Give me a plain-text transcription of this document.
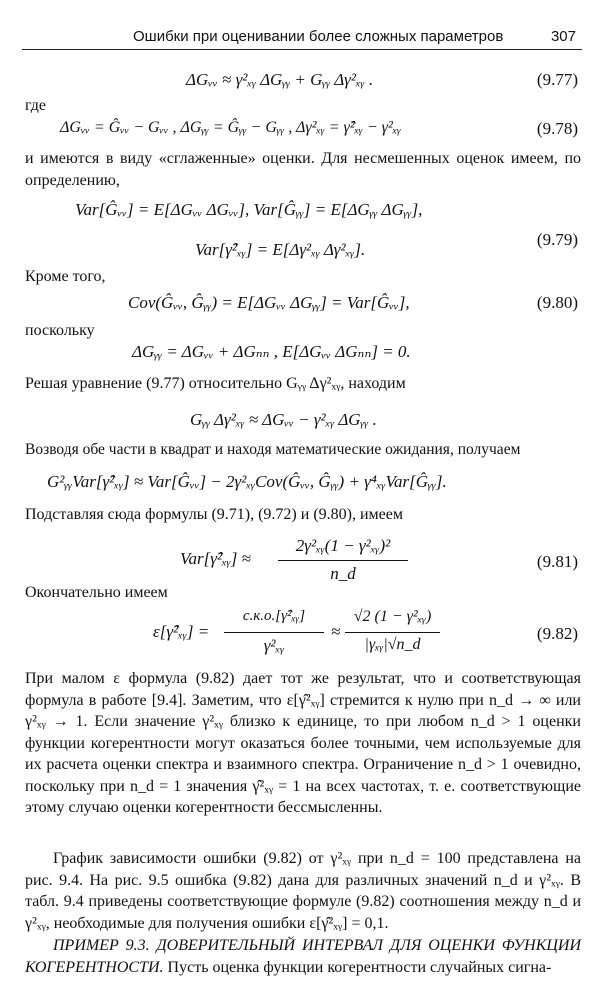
Ошибки при оценивании более сложных параметров	307
ΔGᵥᵥ ≈ γ²ₓᵧ ΔGᵧᵧ + Gᵧᵧ Δγ²ₓᵧ .	(9.77)
где
ΔGᵥᵥ = Ĝᵥᵥ − Gᵥᵥ , ΔGᵧᵧ = Ĝᵧᵧ − Gᵧᵧ , Δγ²ₓᵧ = γ̂²ₓᵧ − γ²ₓᵧ	(9.78)
и имеются в виду «сглаженные» оценки. Для несмешенных оценок имеем, по определению,
Var[Ĝᵥᵥ] = E[ΔGᵥᵥ ΔGᵥᵥ], Var[Ĝᵧᵧ] = E[ΔGᵧᵧ ΔGᵧᵧ],
Var[γ̂²ₓᵧ] = E[Δγ²ₓᵧ Δγ²ₓᵧ].
(9.79)
Кроме того,
Cov(Ĝᵥᵥ, Ĝᵧᵧ) = E[ΔGᵥᵥ ΔGᵧᵧ] = Var[Ĝᵥᵥ],	(9.80)
поскольку
ΔGᵧᵧ = ΔGᵥᵥ + ΔGₙₙ , E[ΔGᵥᵥ ΔGₙₙ] = 0.
Решая уравнение (9.77) относительно Gᵧᵧ Δγ²ₓᵧ, находим
Gᵧᵧ Δγ²ₓᵧ ≈ ΔGᵥᵥ − γ²ₓᵧ ΔGᵧᵧ .
Возводя обе части в квадрат и находя математические ожидания, получаем
G²ᵧᵧVar[γ̂²ₓᵧ] ≈ Var[Ĝᵥᵥ] − 2γ²ₓᵧCov(Ĝᵥᵥ, Ĝᵧᵧ) + γ⁴ₓᵧVar[Ĝᵧᵧ].
Подставляя сюда формулы (9.71), (9.72) и (9.80), имеем
Var[γ̂²ₓᵧ] ≈
2γ²ₓᵧ(1 − γ²ₓᵧ)²
n_d
(9.81)
Окончательно имеем
ε[γ̂²ₓᵧ] =
с.к.о.[γ̂²ₓᵧ]
γ²ₓᵧ
≈
√2 (1 − γ²ₓᵧ)
|γₓᵧ|√n_d
(9.82)
При малом ε формула (9.82) дает тот же результат, что и соответствующая формула в работе [9.4]. Заметим, что ε[γ̂²ₓᵧ] стремится к нулю при n_d → ∞ или γ²ₓᵧ → 1. Если значение γ²ₓᵧ близко к единице, то при любом n_d > 1 оценки функции когерентности могут оказаться более точными, чем используемые для их расчета оценки спектра и взаимного спектра. Ограничение n_d > 1 очевидно, поскольку при n_d = 1 значения γ̂²ₓᵧ = 1 на всех частотах, т. е. соответствующие этому случаю оценки когерентности бессмысленны.
График зависимости ошибки (9.82) от γ²ₓᵧ при n_d = 100 представлена на рис. 9.4. На рис. 9.5 ошибка (9.82) дана для различных значений n_d и γ²ₓᵧ. В табл. 9.4 приведены соответствующие формуле (9.82) соотношения между n_d и γ²ₓᵧ, необходимые для получения ошибки ε[γ̂²ₓᵧ] = 0,1.
ПРИМЕР 9.3. ДОВЕРИТЕЛЬНЫЙ ИНТЕРВАЛ ДЛЯ ОЦЕНКИ ФУНКЦИИ КОГЕРЕНТНОСТИ. Пусть оценка функции когерентности случайных сигна-
